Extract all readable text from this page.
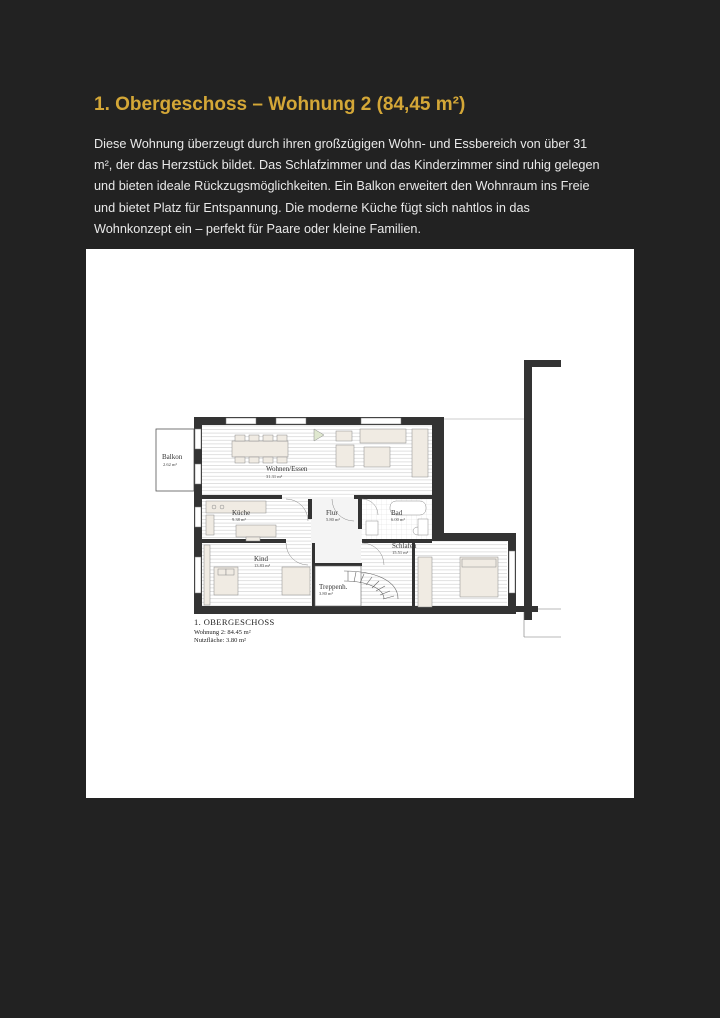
1. Obergeschoss – Wohnung 2 (84,45 m²)

Diese Wohnung überzeugt durch ihren großzügigen Wohn- und Essbereich von über 31
m², der das Herzstück bildet. Das Schlafzimmer und das Kinderzimmer sind ruhig gelegen
und bieten ideale Rückzugsmöglichkeiten. Ein Balkon erweitert den Wohnraum ins Freie
und bietet Platz für Entspannung. Die moderne Küche fügt sich nahtlos in das
Wohnkonzept ein – perfekt für Paare oder kleine Familien.

Balkon
2.62 m²
Wohnen/Essen
31.31 m²
Küche
9.38 m²
Flur
5.80 m²
Bad
6.00 m²
Schlafen
15.51 m²
Kind
13.83 m²
Treppenh.
3.80 m²
1. OBERGESCHOSS
Wohnung 2: 84.45 m²
Nutzfläche: 3.80 m²
